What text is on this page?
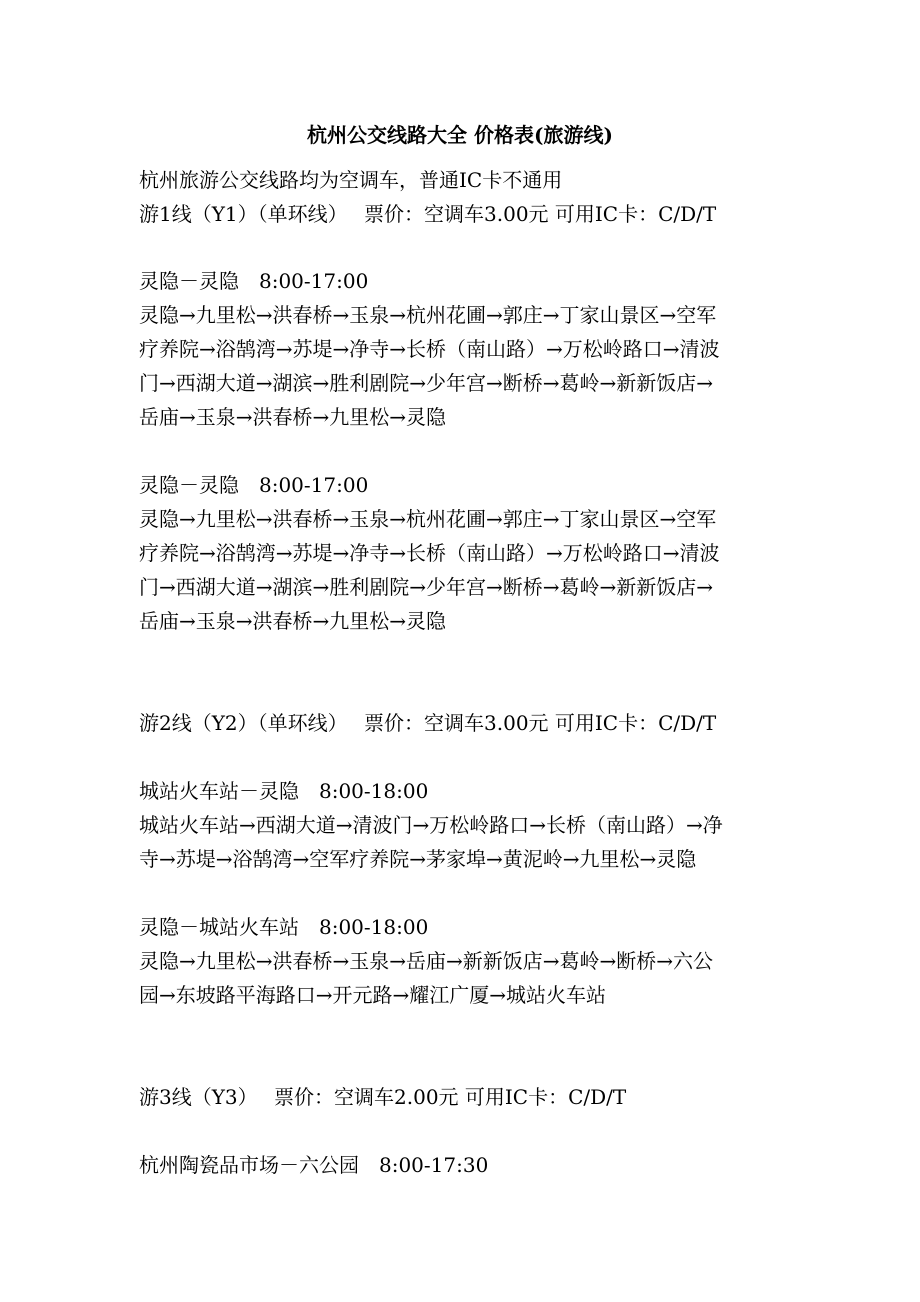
杭州公交线路大全 价格表(旅游线)
杭州旅游公交线路均为空调车，普通IC卡不通用
游1线（Y1）（单环线）　 票价：空调车3.00元 可用IC卡：C/D/T
灵隐－灵隐　8:00-17:00
灵隐→九里松→洪春桥→玉泉→杭州花圃→郭庄→丁家山景区→空军
疗养院→浴鹄湾→苏堤→净寺→长桥（南山路）→万松岭路口→清波
门→西湖大道→湖滨→胜利剧院→少年宫→断桥→葛岭→新新饭店→
岳庙→玉泉→洪春桥→九里松→灵隐
灵隐－灵隐　8:00-17:00
灵隐→九里松→洪春桥→玉泉→杭州花圃→郭庄→丁家山景区→空军
疗养院→浴鹄湾→苏堤→净寺→长桥（南山路）→万松岭路口→清波
门→西湖大道→湖滨→胜利剧院→少年宫→断桥→葛岭→新新饭店→
岳庙→玉泉→洪春桥→九里松→灵隐
游2线（Y2）（单环线）　 票价：空调车3.00元 可用IC卡：C/D/T
城站火车站－灵隐　8:00-18:00
城站火车站→西湖大道→清波门→万松岭路口→长桥（南山路）→净
寺→苏堤→浴鹄湾→空军疗养院→茅家埠→黄泥岭→九里松→灵隐
灵隐－城站火车站　8:00-18:00
灵隐→九里松→洪春桥→玉泉→岳庙→新新饭店→葛岭→断桥→六公
园→东坡路平海路口→开元路→耀江广厦→城站火车站
游3线（Y3）　 票价：空调车2.00元 可用IC卡：C/D/T
杭州陶瓷品市场－六公园　8:00-17:30
